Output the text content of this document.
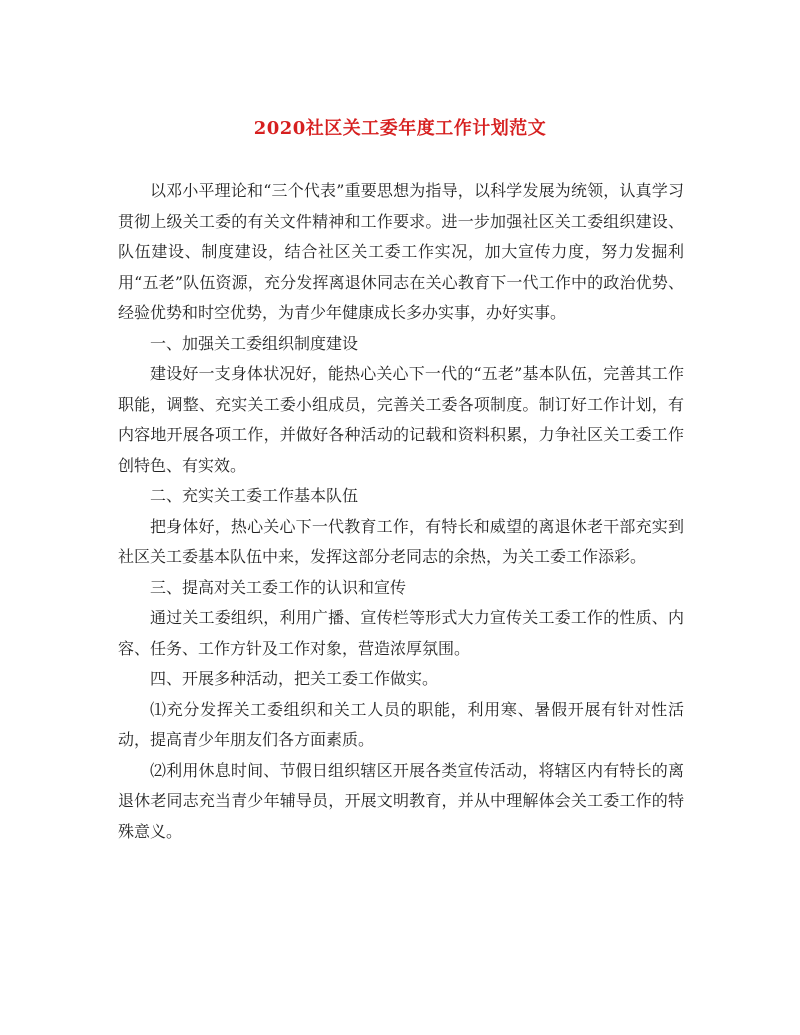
2020社区关工委年度工作计划范文

以邓小平理论和“三个代表”重要思想为指导，以科学发展为统领，认真学习贯彻上级关工委的有关文件精神和工作要求。进一步加强社区关工委组织建设、队伍建设、制度建设，结合社区关工委工作实况，加大宣传力度，努力发掘利用“五老”队伍资源，充分发挥离退休同志在关心教育下一代工作中的政治优势、经验优势和时空优势，为青少年健康成长多办实事，办好实事。

一、加强关工委组织制度建设

建设好一支身体状况好，能热心关心下一代的“五老”基本队伍，完善其工作职能，调整、充实关工委小组成员，完善关工委各项制度。制订好工作计划，有内容地开展各项工作，并做好各种活动的记载和资料积累，力争社区关工委工作创特色、有实效。

二、充实关工委工作基本队伍

把身体好，热心关心下一代教育工作，有特长和威望的离退休老干部充实到社区关工委基本队伍中来，发挥这部分老同志的余热，为关工委工作添彩。

三、提高对关工委工作的认识和宣传

通过关工委组织，利用广播、宣传栏等形式大力宣传关工委工作的性质、内容、任务、工作方针及工作对象，营造浓厚氛围。

四、开展多种活动，把关工委工作做实。

⑴充分发挥关工委组织和关工人员的职能，利用寒、暑假开展有针对性活动，提高青少年朋友们各方面素质。

⑵利用休息时间、节假日组织辖区开展各类宣传活动，将辖区内有特长的离退休老同志充当青少年辅导员，开展文明教育，并从中理解体会关工委工作的特殊意义。
